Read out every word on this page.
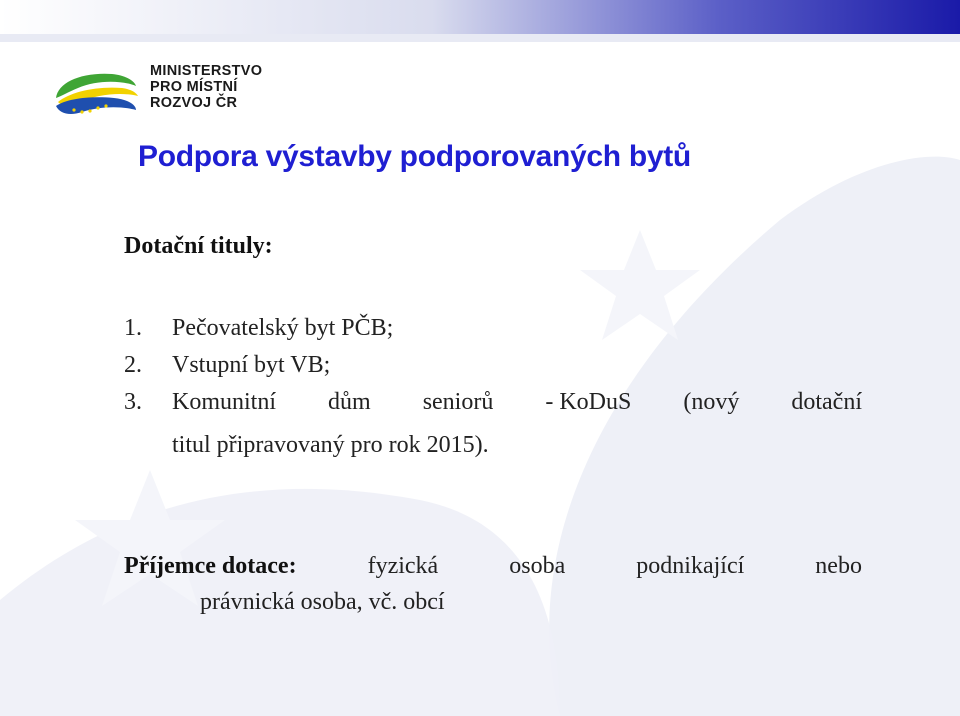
MINISTERSTVO
PRO MÍSTNÍ
ROZVOJ ČR
Podpora výstavby podporovaných bytů
Dotační tituly:
1. Pečovatelský byt PČB;
2. Vstupní byt VB;
3. Komunitní dům seniorů - KoDuS (nový dotační
titul připravovaný pro rok 2015).
Příjemce dotace:	fyzická	osoba	podnikající	nebo
právnická osoba, vč. obcí
